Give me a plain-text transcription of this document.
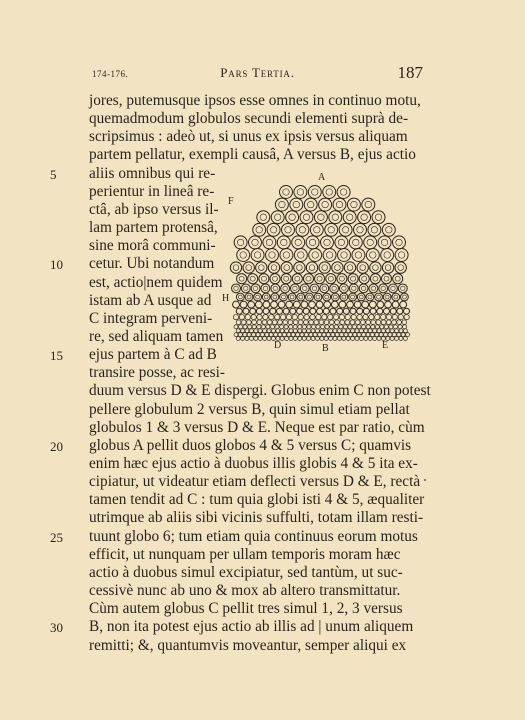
174-176.	Pars Tertia.	187
jores, putemusque ipsos esse omnes in continuo motu,
quemadmodum globulos secundi elementi suprà de-
scripsimus : adeò ut, si unus ex ipsis versus aliquam
partem pellatur, exempli causâ, A versus B, ejus actio
aliis omnibus qui re-
perientur in lineâ re-
ctâ, ab ipso versus il-
lam partem protensâ,
sine morâ communi-
cetur. Ubi notandum
est, actio|nem quidem
istam ab A usque ad
C integram perveni-
re, sed aliquam tamen
ejus partem à C ad B
transire posse, ac resi-
duum versus D & E dispergi. Globus enim C non potest
pellere globulum 2 versus B, quin simul etiam pellat
globulos 1 & 3 versus D & E. Neque est par ratio, cùm
globus A pellit duos globos 4 & 5 versus C; quamvis
enim hæc ejus actio à duobus illis globis 4 & 5 ita ex-
cipiatur, ut videatur etiam deflecti versus D & E, rectà
tamen tendit ad C : tum quia globi isti 4 & 5, æqualiter
utrimque ab aliis sibi vicinis suffulti, totam illam resti-
tuunt globo 6; tum etiam quia continuus eorum motus
efficit, ut nunquam per ullam temporis moram hæc
actio à duobus simul excipiatur, sed tantùm, ut suc-
cessivè nunc ab uno & mox ab altero transmittatur.
Cùm autem globus C pellit tres simul 1, 2, 3 versus
B, non ita potest ejus actio ab illis ad | unum aliquem
remitti; &, quantumvis moveantur, semper aliqui ex
5
10
15
20
25
30
A
F
H
D	B	E
